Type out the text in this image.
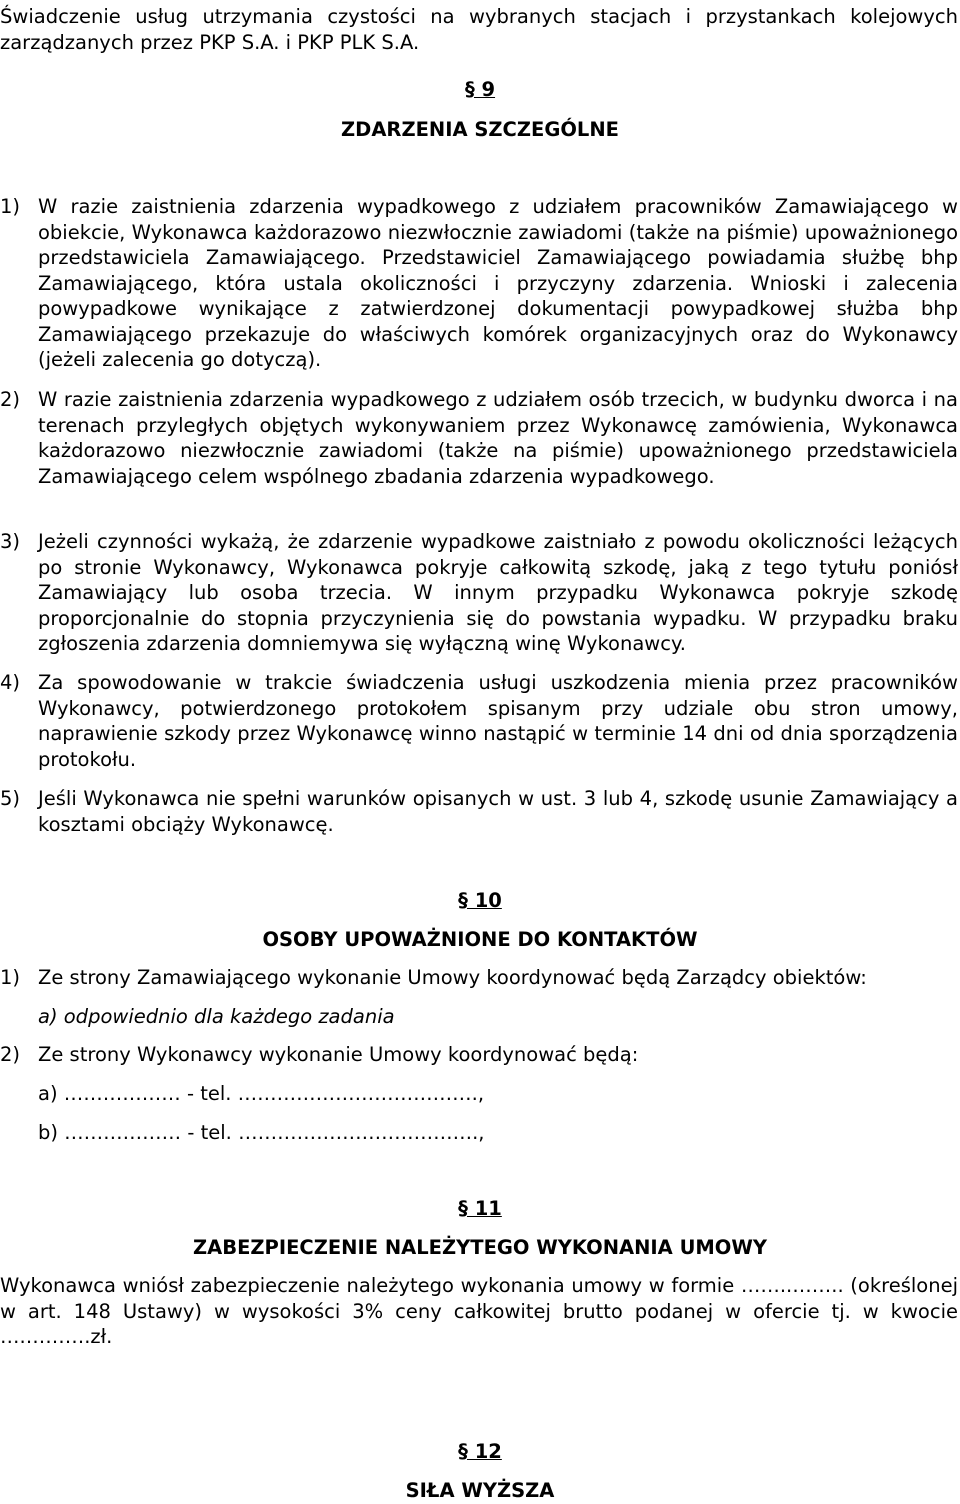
Świadczenie usług utrzymania czystości na wybranych stacjach i przystankach kolejowych zarządzanych przez PKP S.A. i PKP PLK S.A.
§ 9
ZDARZENIA SZCZEGÓLNE
1) W razie zaistnienia zdarzenia wypadkowego z udziałem pracowników Zamawiającego w obiekcie, Wykonawca każdorazowo niezwłocznie zawiadomi (także na piśmie) upoważnionego przedstawiciela Zamawiającego. Przedstawiciel Zamawiającego powiadamia służbę bhp Zamawiającego, która ustala okoliczności i przyczyny zdarzenia. Wnioski i zalecenia powypadkowe wynikające z zatwierdzonej dokumentacji powypadkowej służba bhp Zamawiającego przekazuje do właściwych komórek organizacyjnych oraz do Wykonawcy (jeżeli zalecenia go dotyczą).
2) W razie zaistnienia zdarzenia wypadkowego z udziałem osób trzecich, w budynku dworca i na terenach przyległych objętych wykonywaniem przez Wykonawcę zamówienia, Wykonawca każdorazowo niezwłocznie zawiadomi (także na piśmie) upoważnionego przedstawiciela Zamawiającego celem wspólnego zbadania zdarzenia wypadkowego.
3) Jeżeli czynności wykażą, że zdarzenie wypadkowe zaistniało z powodu okoliczności leżących po stronie Wykonawcy, Wykonawca pokryje całkowitą szkodę, jaką z tego tytułu poniósł Zamawiający lub osoba trzecia. W innym przypadku Wykonawca pokryje szkodę proporcjonalnie do stopnia przyczynienia się do powstania wypadku. W przypadku braku zgłoszenia zdarzenia domniemywa się wyłączną winę Wykonawcy.
4) Za spowodowanie w trakcie świadczenia usługi uszkodzenia mienia przez pracowników Wykonawcy, potwierdzonego protokołem spisanym przy udziale obu stron umowy, naprawienie szkody przez Wykonawcę winno nastąpić w terminie 14 dni od dnia sporządzenia protokołu.
5) Jeśli Wykonawca nie spełni warunków opisanych w ust. 3 lub 4, szkodę usunie Zamawiający a kosztami obciąży Wykonawcę.
§ 10
OSOBY UPOWAŻNIONE DO KONTAKTÓW
1) Ze strony Zamawiającego wykonanie Umowy koordynować będą Zarządcy obiektów:
a) odpowiednio dla każdego zadania
2) Ze strony Wykonawcy wykonanie Umowy koordynować będą:
a) ……………… - tel. ……………………………….,
b) ……………… - tel. ……………………………….,
§ 11
ZABEZPIECZENIE NALEŻYTEGO WYKONANIA UMOWY
Wykonawca wniósł zabezpieczenie należytego wykonania umowy w formie ……..…….. (określonej w art. 148 Ustawy) w wysokości 3% ceny całkowitej brutto podanej w ofercie tj. w kwocie ….……….zł.
§ 12
SIŁA WYŻSZA
